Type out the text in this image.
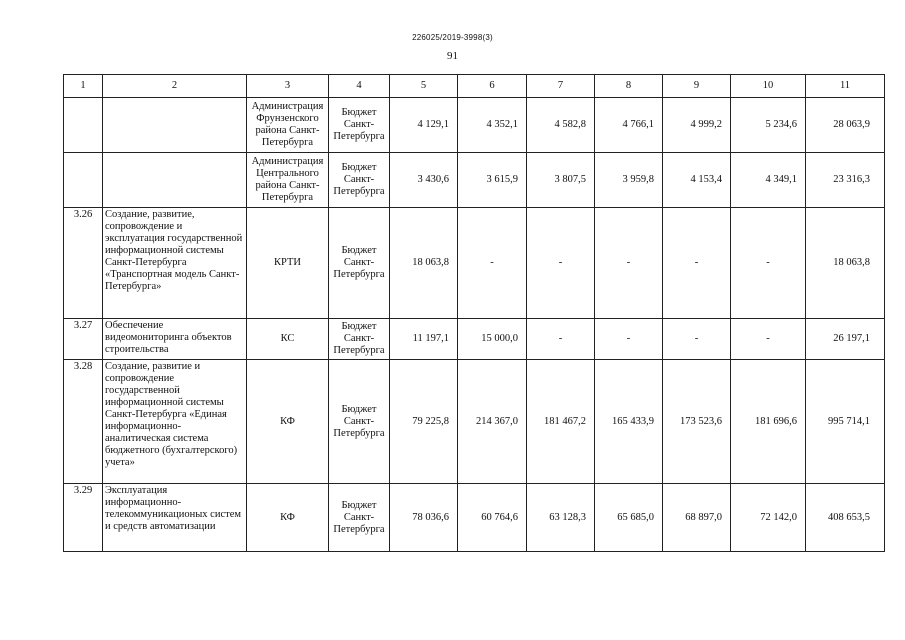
226025/2019-3998(3)
91
1	2	3	4	5	6	7	8	9	10	11
		Администрация Фрунзенского района Санкт-Петербурга	Бюджет Санкт-Петербурга	4 129,1	4 352,1	4 582,8	4 766,1	4 999,2	5 234,6	28 063,9
		Администрация Центрального района Санкт-Петербурга	Бюджет Санкт-Петербурга	3 430,6	3 615,9	3 807,5	3 959,8	4 153,4	4 349,1	23 316,3
3.26	Создание, развитие, сопровождение и эксплуатация государственной информационной системы Санкт-Петербурга «Транспортная модель Санкт-Петербурга»	КРТИ	Бюджет Санкт-Петербурга	18 063,8	-	-	-	-	-	18 063,8
3.27	Обеспечение видеомониторинга объектов строительства	КС	Бюджет Санкт-Петербурга	11 197,1	15 000,0	-	-	-	-	26 197,1
3.28	Создание, развитие и сопровождение государственной информационной системы Санкт-Петербурга «Единая информационно-аналитическая система бюджетного (бухгалтерского) учета»	КФ	Бюджет Санкт-Петербурга	79 225,8	214 367,0	181 467,2	165 433,9	173 523,6	181 696,6	995 714,1
3.29	Эксплуатация информационно-телекоммуникационых систем и средств автоматизации	КФ	Бюджет Санкт-Петербурга	78 036,6	60 764,6	63 128,3	65 685,0	68 897,0	72 142,0	408 653,5
